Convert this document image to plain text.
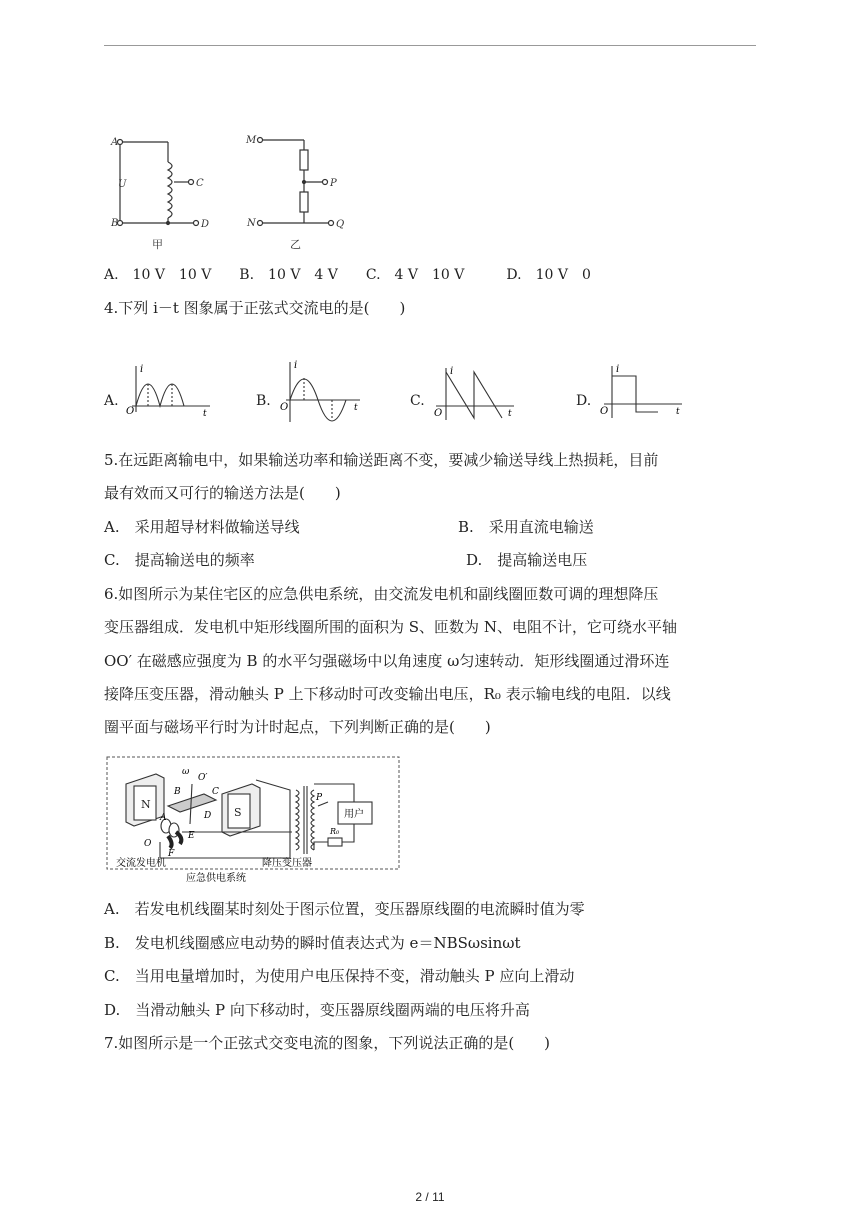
A
U
B
C
D
甲
M
N
P
Q
乙
A.　10 V　10 V　　B.　10 V　4 V　　C.　4 V　10 V　　　D.　10 V　0
4.下列 i－t 图象属于正弦式交流电的是(　　)
A.
i
t
O
B.
i
t
O	C.
i
t
O
D.
i
t
O
5.在远距离输电中，如果输送功率和输送距离不变，要减少输送导线上热损耗，目前
最有效而又可行的输送方法是(　　)
A.　采用超导材料做输送导线	B.　采用直流电输送
C.　提高输送电的频率	D.　提高输送电压
6.如图所示为某住宅区的应急供电系统，由交流发电机和副线圈匝数可调的理想降压
变压器组成．发电机中矩形线圈所围的面积为 S、匝数为 N、电阻不计，它可绕水平轴
OO′ 在磁感应强度为 B 的水平匀强磁场中以角速度 ω匀速转动．矩形线圈通过滑环连
接降压变压器，滑动触头 P 上下移动时可改变输出电压，R₀ 表示输电线的电阻．以线
圈平面与磁场平行时为计时起点，下列判断正确的是(　　)
N
S
ω
O′
B	C
D
A
E
O
F
P
用户
R₀
交流发电机	降压变压器
应急供电系统
A.　若发电机线圈某时刻处于图示位置，变压器原线圈的电流瞬时值为零
B.　发电机线圈感应电动势的瞬时值表达式为 e＝NBSωsinωt
C.　当用电量增加时，为使用户电压保持不变，滑动触头 P 应向上滑动
D.　当滑动触头 P 向下移动时，变压器原线圈两端的电压将升高
7.如图所示是一个正弦式交变电流的图象，下列说法正确的是(　　)
2 / 11
